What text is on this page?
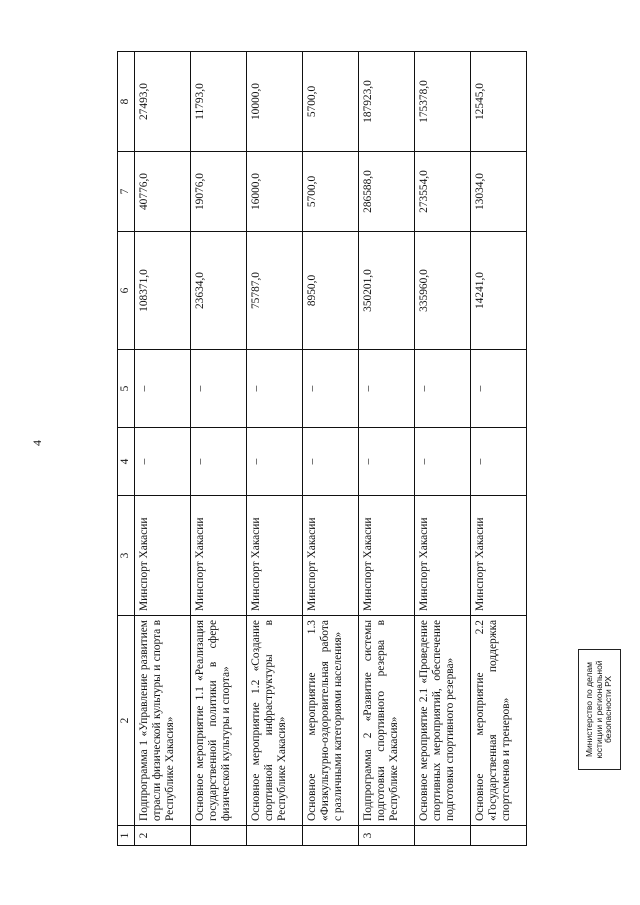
4
1	2	3	4	5	6	7	8
2	Подпрограмма 1 «Управление развитием отрасли физической культуры и спорта в Республике Хакасия»	Минспорт Хакасии	–	–	108371,0	40776,0	27493,0
	Основное мероприятие 1.1 «Реализация государственной политики в сфере физической культуры и спорта»	Минспорт Хакасии	–	–	23634,0	19076,0	11793,0
	Основное мероприятие 1.2 «Создание спортивной инфраструктуры в Республике Хакасия»	Минспорт Хакасии	–	–	75787,0	16000,0	10000,0
	Основное мероприятие 1.3 «Физкультурно-оздоровительная работа с различными категориями населения»	Минспорт Хакасии	–	–	8950,0	5700,0	5700,0
3	Подпрограмма 2 «Развитие системы подготовки спортивного резерва в Республике Хакасия»	Минспорт Хакасии	–	–	350201,0	286588,0	187923,0
	Основное мероприятие 2.1 «Проведение спортивных мероприятий, обеспечение подготовки спортивного резерва»	Минспорт Хакасии	–	–	335960,0	273554,0	175378,0
	Основное мероприятие 2.2 «Государственная поддержка спортсменов и тренеров»	Минспорт Хакасии	–	–	14241,0	13034,0	12545,0
Министерство по делам юстиции и региональной безопасности РХ
